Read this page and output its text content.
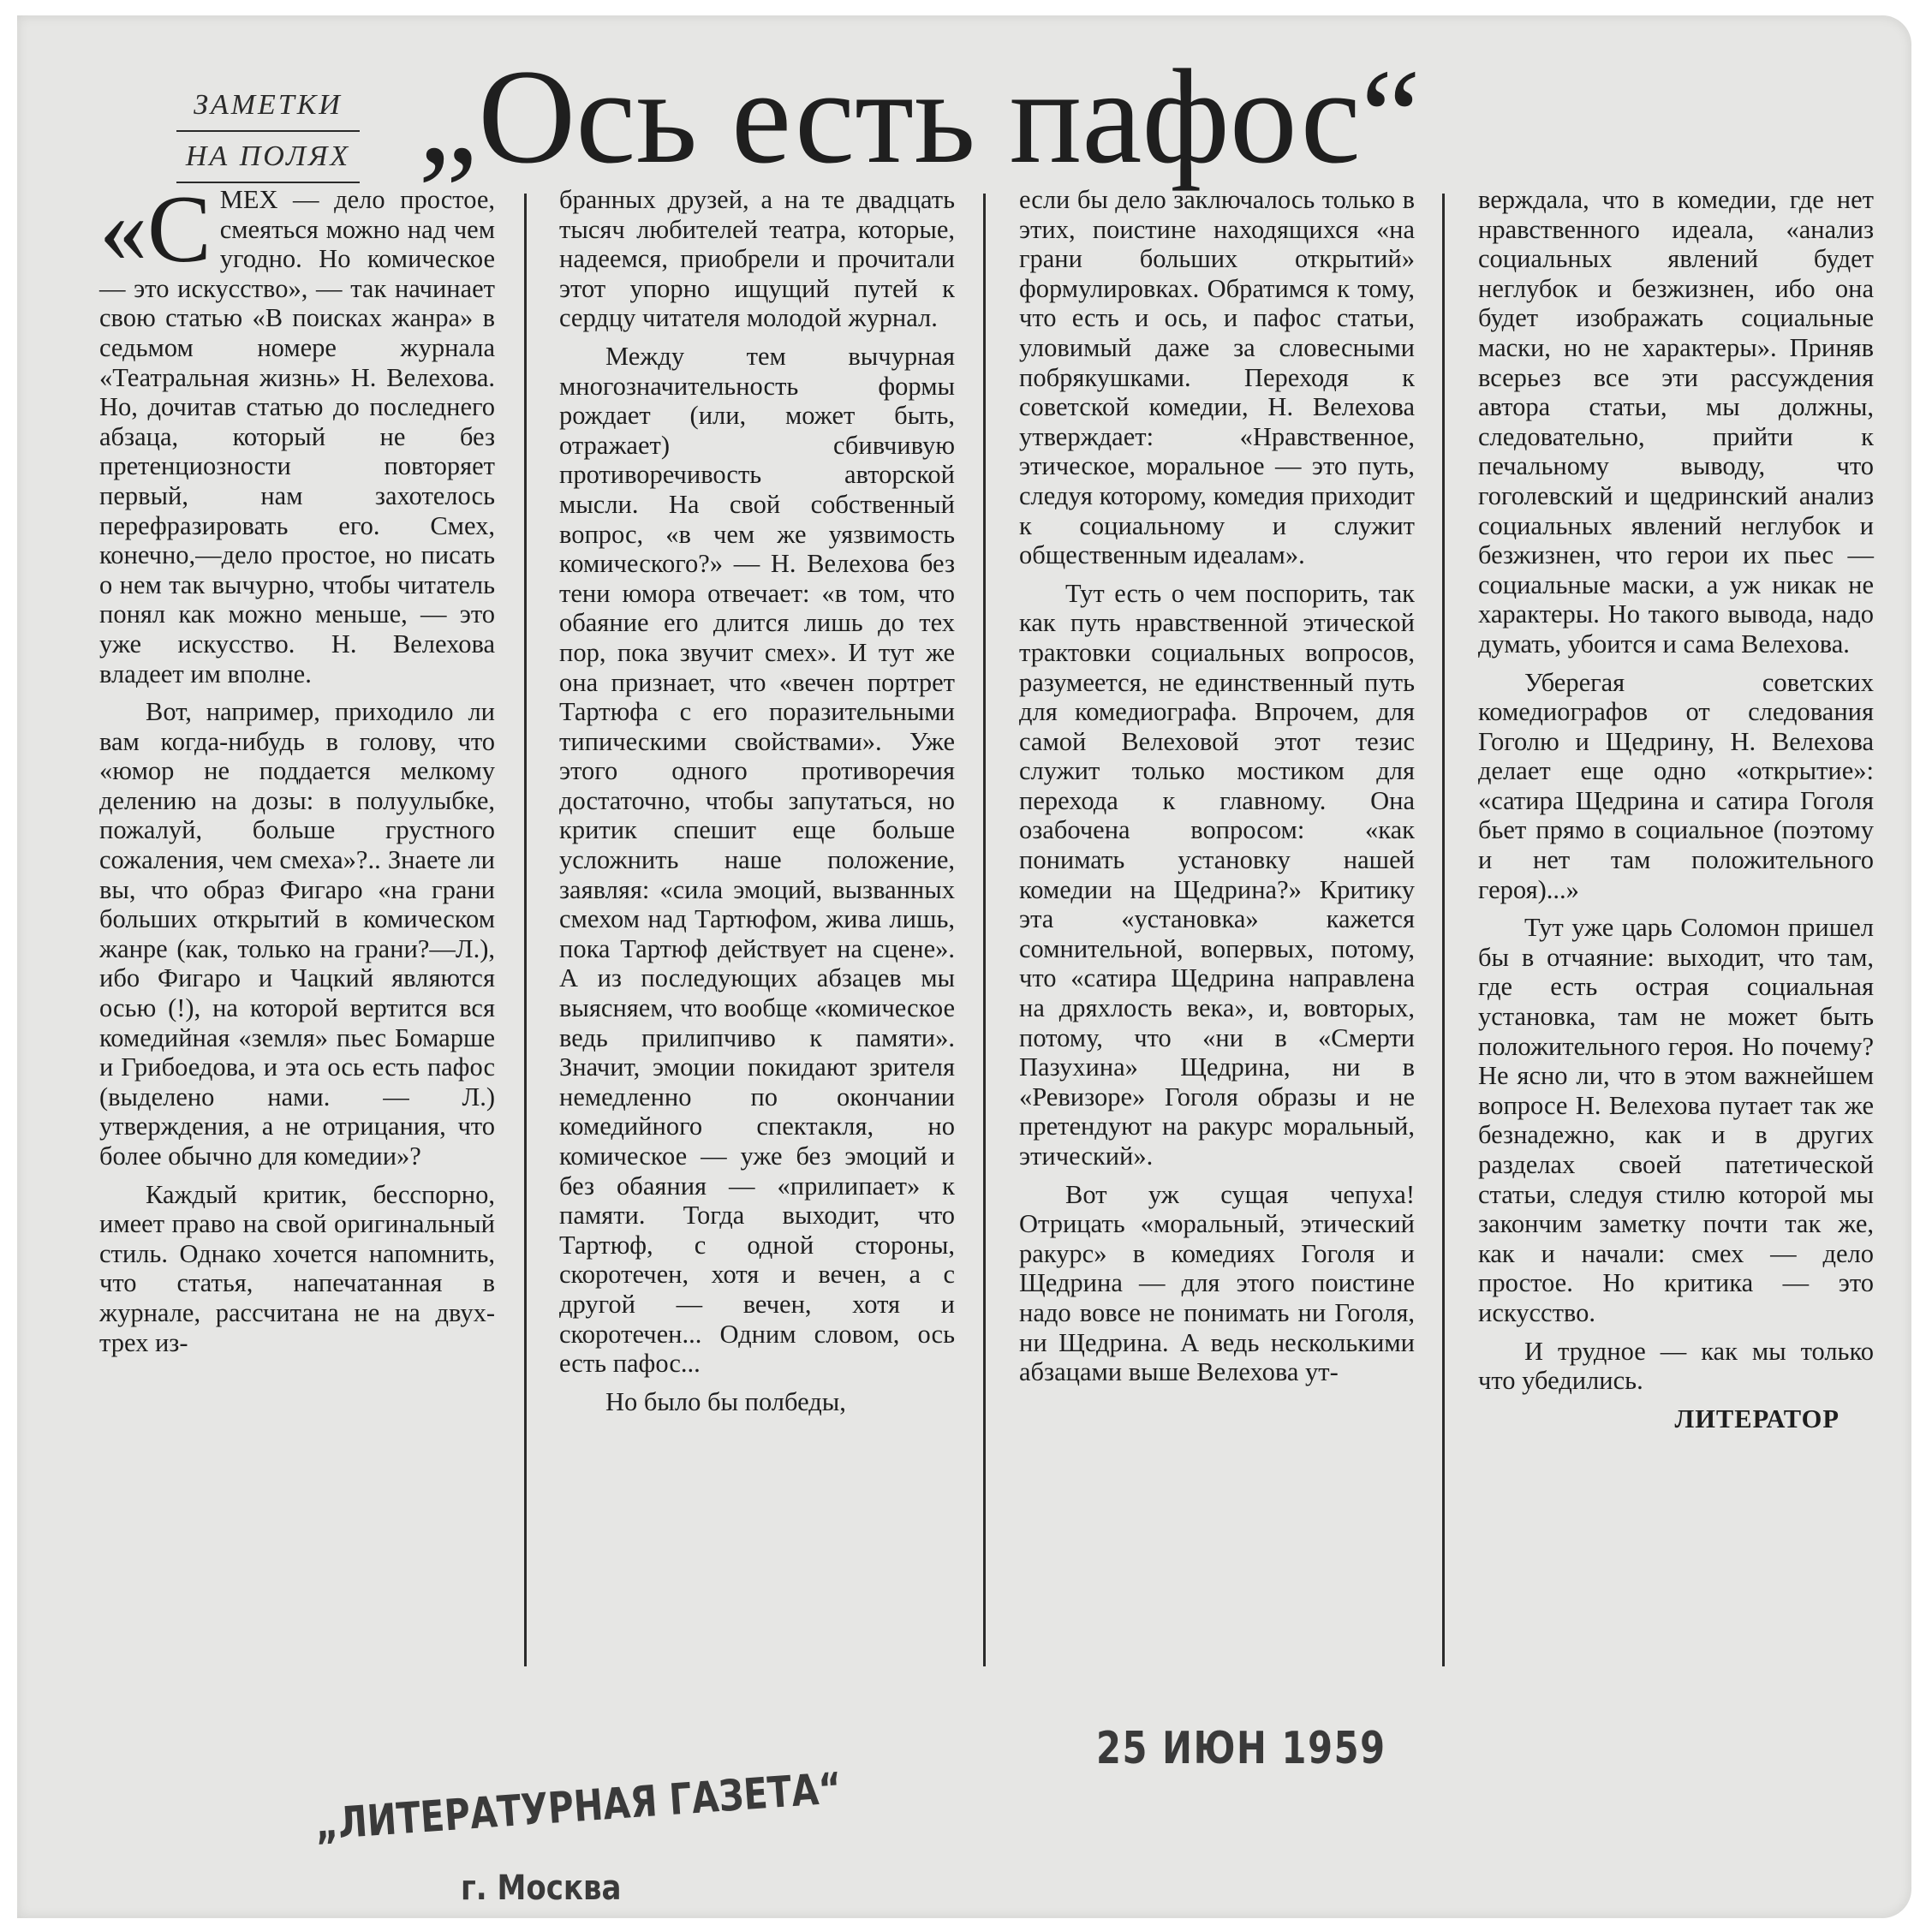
ЗАМЕТКИ
НА ПОЛЯХ „Ось есть пафос“

«СМЕХ — дело простое, смеяться можно над чем угодно. Но комическое — это искусство», — так начинает свою статью «В поисках жанра» в седьмом номере журнала «Театральная жизнь» Н. Велехова. Но, дочитав статью до последнего абзаца, который не без претенциозности повторяет первый, нам захотелось перефразировать его. Смех, конечно,—дело простое, но писать о нем так вычурно, чтобы читатель понял как можно меньше, — это уже искусство. Н. Велехова владеет им вполне.

Вот, например, приходило ли вам когда-нибудь в голову, что «юмор не поддается мелкому делению на дозы: в полуулыбке, пожалуй, больше грустного сожаления, чем смеха»?.. Знаете ли вы, что образ Фигаро «на грани больших открытий в комическом жанре (как, только на грани?—Л.), ибо Фигаро и Чацкий являются осью (!), на которой вертится вся комедийная «земля» пьес Бомарше и Грибоедова, и эта ось есть пафос (выделено нами. — Л.) утверждения, а не отрицания, что более обычно для комедии»?

Каждый критик, бесспорно, имеет право на свой оригинальный стиль. Однако хочется напомнить, что статья, напечатанная в журнале, рассчитана не на двух-трех из-

бранных друзей, а на те двадцать тысяч любителей театра, которые, надеемся, приобрели и прочитали этот упорно ищущий путей к сердцу читателя молодой журнал.

Между тем вычурная многозначительность формы рождает (или, может быть, отражает) сбивчивую противоречивость авторской мысли. На свой собственный вопрос, «в чем же уязвимость комического?» — Н. Велехова без тени юмора отвечает: «в том, что обаяние его длится лишь до тех пор, пока звучит смех». И тут же она признает, что «вечен портрет Тартюфа с его поразительными типическими свойствами». Уже этого одного противоречия достаточно, чтобы запутаться, но критик спешит еще больше усложнить наше положение, заявляя: «сила эмоций, вызванных смехом над Тартюфом, жива лишь, пока Тартюф действует на сцене». А из последующих абзацев мы выясняем, что вообще «комическое ведь прилипчиво к памяти». Значит, эмоции покидают зрителя немедленно по окончании комедийного спектакля, но комическое — уже без эмоций и без обаяния — «прилипает» к памяти. Тогда выходит, что Тартюф, с одной стороны, скоротечен, хотя и вечен, а с другой — вечен, хотя и скоротечен... Одним словом, ось есть пафос...

Но было бы полбеды,

если бы дело заключалось только в этих, поистине находящихся «на грани больших открытий» формулировках. Обратимся к тому, что есть и ось, и пафос статьи, уловимый даже за словесными побрякушками. Переходя к советской комедии, Н. Велехова утверждает: «Нравственное, этическое, моральное — это путь, следуя которому, комедия приходит к социальному и служит общественным идеалам».

Тут есть о чем поспорить, так как путь нравственной этической трактовки социальных вопросов, разумеется, не единственный путь для комедиографа. Впрочем, для самой Велеховой этот тезис служит только мостиком для перехода к главному. Она озабочена вопросом: «как понимать установку нашей комедии на Щедрина?» Критику эта «установка» кажется сомнительной, вопервых, потому, что «сатира Щедрина направлена на дряхлость века», и, вовторых, потому, что «ни в «Смерти Пазухина» Щедрина, ни в «Ревизоре» Гоголя образы и не претендуют на ракурс моральный, этический».

Вот уж сущая чепуха! Отрицать «моральный, этический ракурс» в комедиях Гоголя и Щедрина — для этого поистине надо вовсе не понимать ни Гоголя, ни Щедрина. А ведь несколькими абзацами выше Велехова ут-

верждала, что в комедии, где нет нравственного идеала, «анализ социальных явлений будет неглубок и безжизнен, ибо она будет изображать социальные маски, но не характеры». Приняв всерьез все эти рассуждения автора статьи, мы должны, следовательно, прийти к печальному выводу, что гоголевский и щедринский анализ социальных явлений неглубок и безжизнен, что герои их пьес — социальные маски, а уж никак не характеры. Но такого вывода, надо думать, убоится и сама Велехова.

Уберегая советских комедиографов от следования Гоголю и Щедрину, Н. Велехова делает еще одно «открытие»: «сатира Щедрина и сатира Гоголя бьет прямо в социальное (поэтому и нет там положительного героя)...»

Тут уже царь Соломон пришел бы в отчаяние: выходит, что там, где есть острая социальная установка, там не может быть положительного героя. Но почему? Не ясно ли, что в этом важнейшем вопросе Н. Велехова путает так же безнадежно, как и в других разделах своей патетической статьи, следуя стилю которой мы закончим заметку почти так же, как и начали: смех — дело простое. Но критика — это искусство.

И трудное — как мы только что убедились.

ЛИТЕРАТОР
25 ИЮН 1959
„ЛИТЕРАТУРНАЯ ГАЗЕТА“
г. Москва
